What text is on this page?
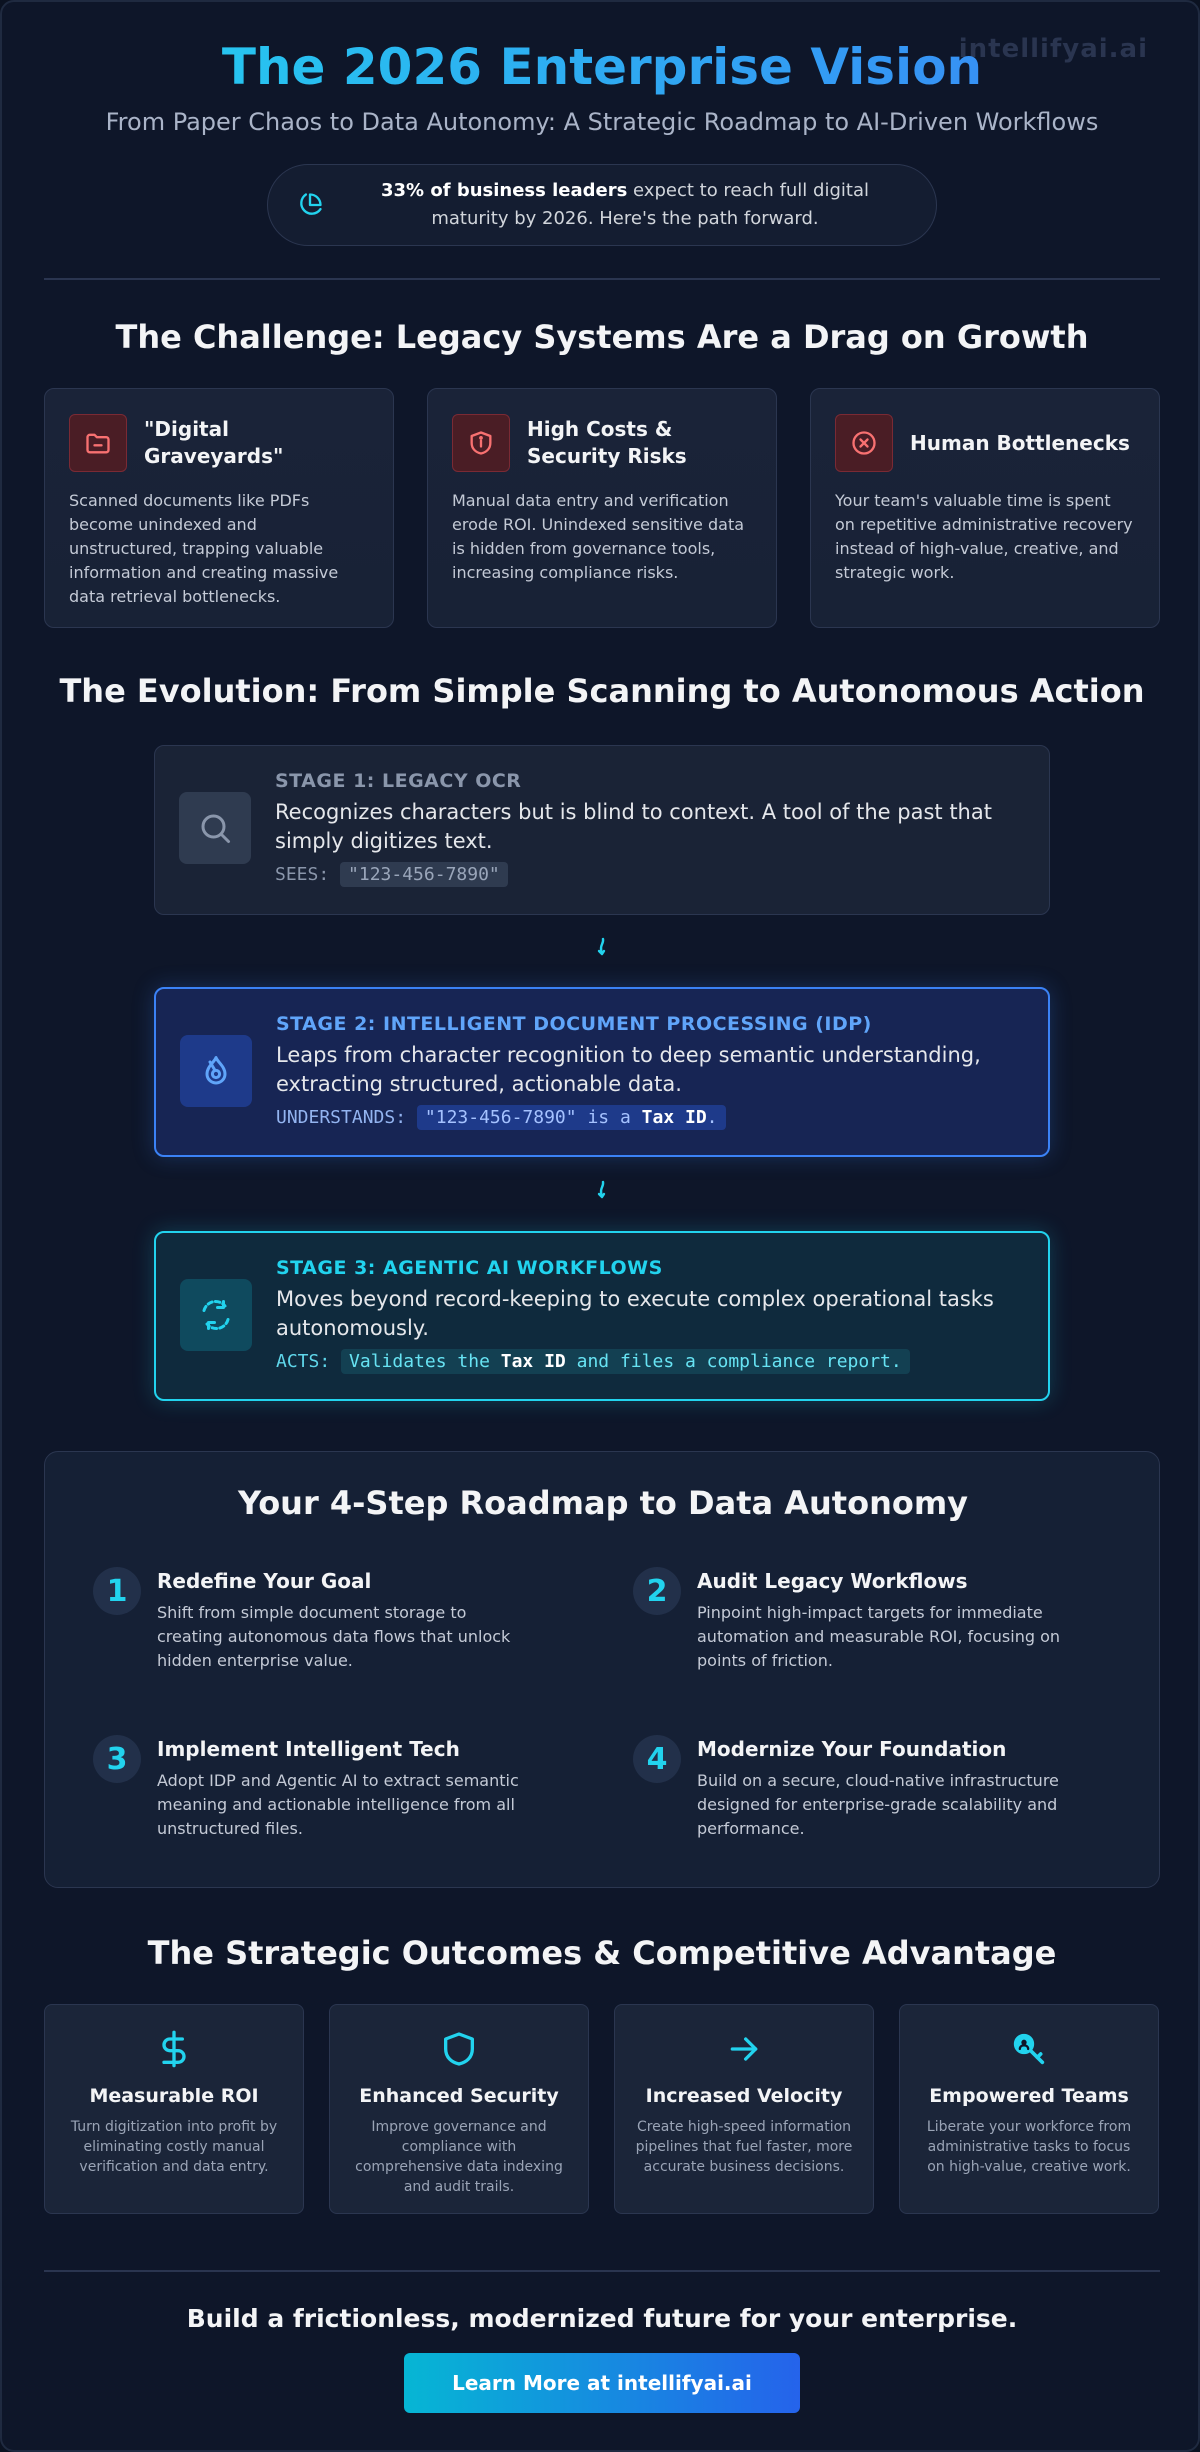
The 2026 Enterprise Vision
From Paper Chaos to Data Autonomy: A Strategic Roadmap to AI-Driven Workflows
33% of business leaders expect to reach full digital maturity by 2026. Here's the path forward.
The Challenge: Legacy Systems Are a Drag on Growth
"Digital Graveyards"
Scanned documents like PDFs become unindexed and unstructured, trapping valuable information and creating massive data retrieval bottlenecks.
High Costs & Security Risks
Manual data entry and verification erode ROI. Unindexed sensitive data is hidden from governance tools, increasing compliance risks.
Human Bottlenecks
Your team's valuable time is spent on repetitive administrative recovery instead of high-value, creative, and strategic work.
The Evolution: From Simple Scanning to Autonomous Action
STAGE 1: LEGACY OCR
Recognizes characters but is blind to context. A tool of the past that simply digitizes text.
SEES: "123-456-7890"
STAGE 2: INTELLIGENT DOCUMENT PROCESSING (IDP)
Leaps from character recognition to deep semantic understanding, extracting structured, actionable data.
UNDERSTANDS: "123-456-7890" is a Tax ID.
STAGE 3: AGENTIC AI WORKFLOWS
Moves beyond record-keeping to execute complex operational tasks autonomously.
ACTS: Validates the Tax ID and files a compliance report.
Your 4-Step Roadmap to Data Autonomy
1	Redefine Your Goal
Shift from simple document storage to creating autonomous data flows that unlock hidden enterprise value.
2	Audit Legacy Workflows
Pinpoint high-impact targets for immediate automation and measurable ROI, focusing on points of friction.
3	Implement Intelligent Tech
Adopt IDP and Agentic AI to extract semantic meaning and actionable intelligence from all unstructured files.
4	Modernize Your Foundation
Build on a secure, cloud-native infrastructure designed for enterprise-grade scalability and performance.
The Strategic Outcomes & Competitive Advantage
Measurable ROI
Turn digitization into profit by eliminating costly manual verification and data entry.
Enhanced Security
Improve governance and compliance with comprehensive data indexing and audit trails.
Increased Velocity
Create high-speed information pipelines that fuel faster, more accurate business decisions.
Empowered Teams
Liberate your workforce from administrative tasks to focus on high-value, creative work.
Build a frictionless, modernized future for your enterprise.
Learn More at intellifyai.ai
